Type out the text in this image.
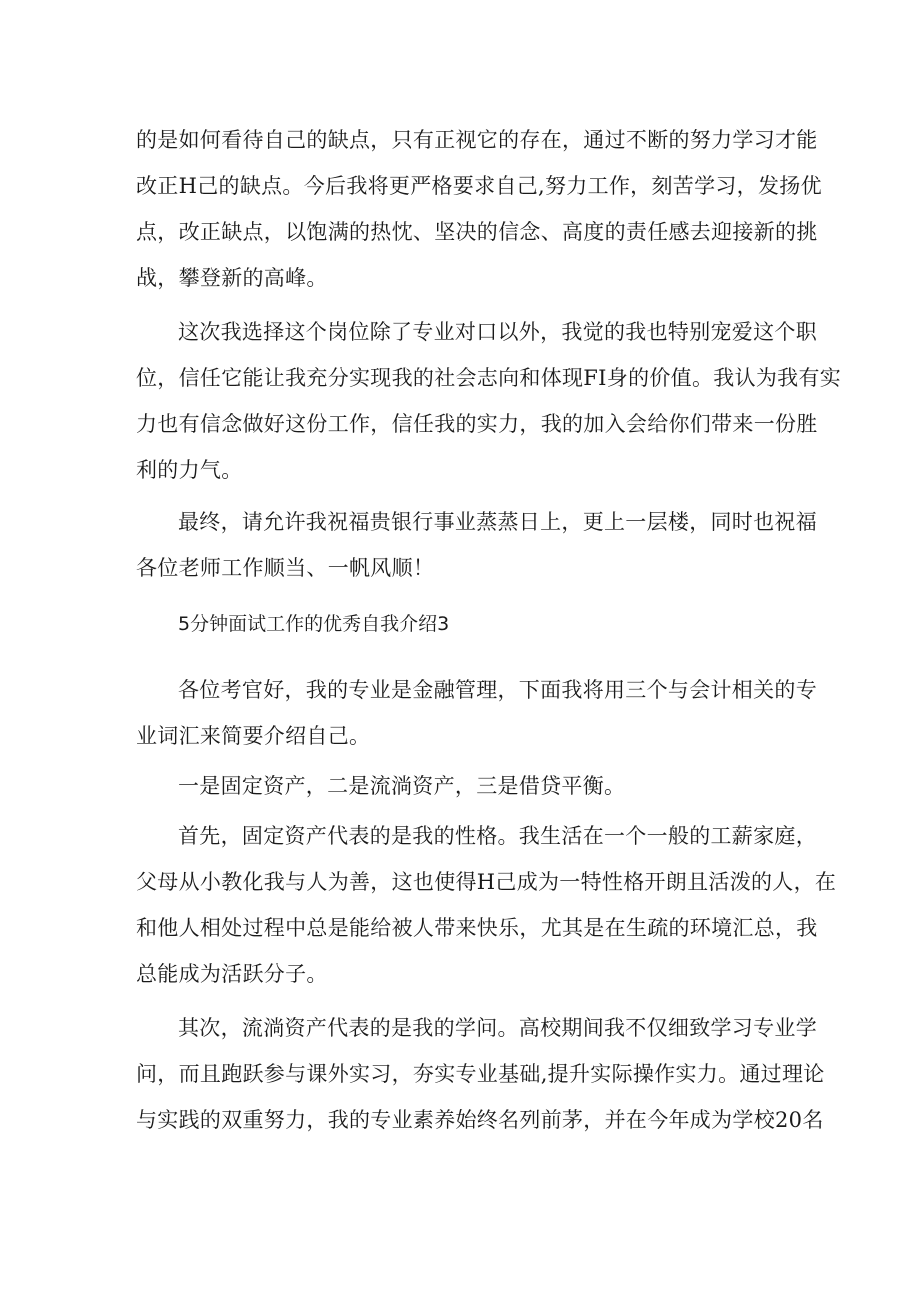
的是如何看待自己的缺点，只有正视它的存在，通过不断的努力学习才能
改正H己的缺点。今后我将更严格要求自己,努力工作，刻苦学习，发扬优
点，改正缺点，以饱满的热忱、坚决的信念、高度的责任感去迎接新的挑
战，攀登新的高峰。
这次我选择这个岗位除了专业对口以外，我觉的我也特别宠爱这个职
位，信任它能让我充分实现我的社会志向和体现FI身的价值。我认为我有实
力也有信念做好这份工作，信任我的实力，我的加入会给你们带来一份胜
利的力气。
最终，请允许我祝福贵银行事业蒸蒸日上，更上一层楼，同时也祝福
各位老师工作顺当、一帆风顺！
5分钟面试工作的优秀自我介绍3
各位考官好，我的专业是金融管理，下面我将用三个与会计相关的专
业词汇来简要介绍自己。
一是固定资产，二是流淌资产，三是借贷平衡。
首先，固定资产代表的是我的性格。我生活在一个一般的工薪家庭，
父母从小教化我与人为善，这也使得H己成为一特性格开朗且活泼的人，在
和他人相处过程中总是能给被人带来快乐，尤其是在生疏的环境汇总，我
总能成为活跃分子。
其次，流淌资产代表的是我的学问。高校期间我不仅细致学习专业学
问，而且跑跃参与课外实习，夯实专业基础,提升实际操作实力。通过理论
与实践的双重努力，我的专业素养始终名列前茅，并在今年成为学校20名
